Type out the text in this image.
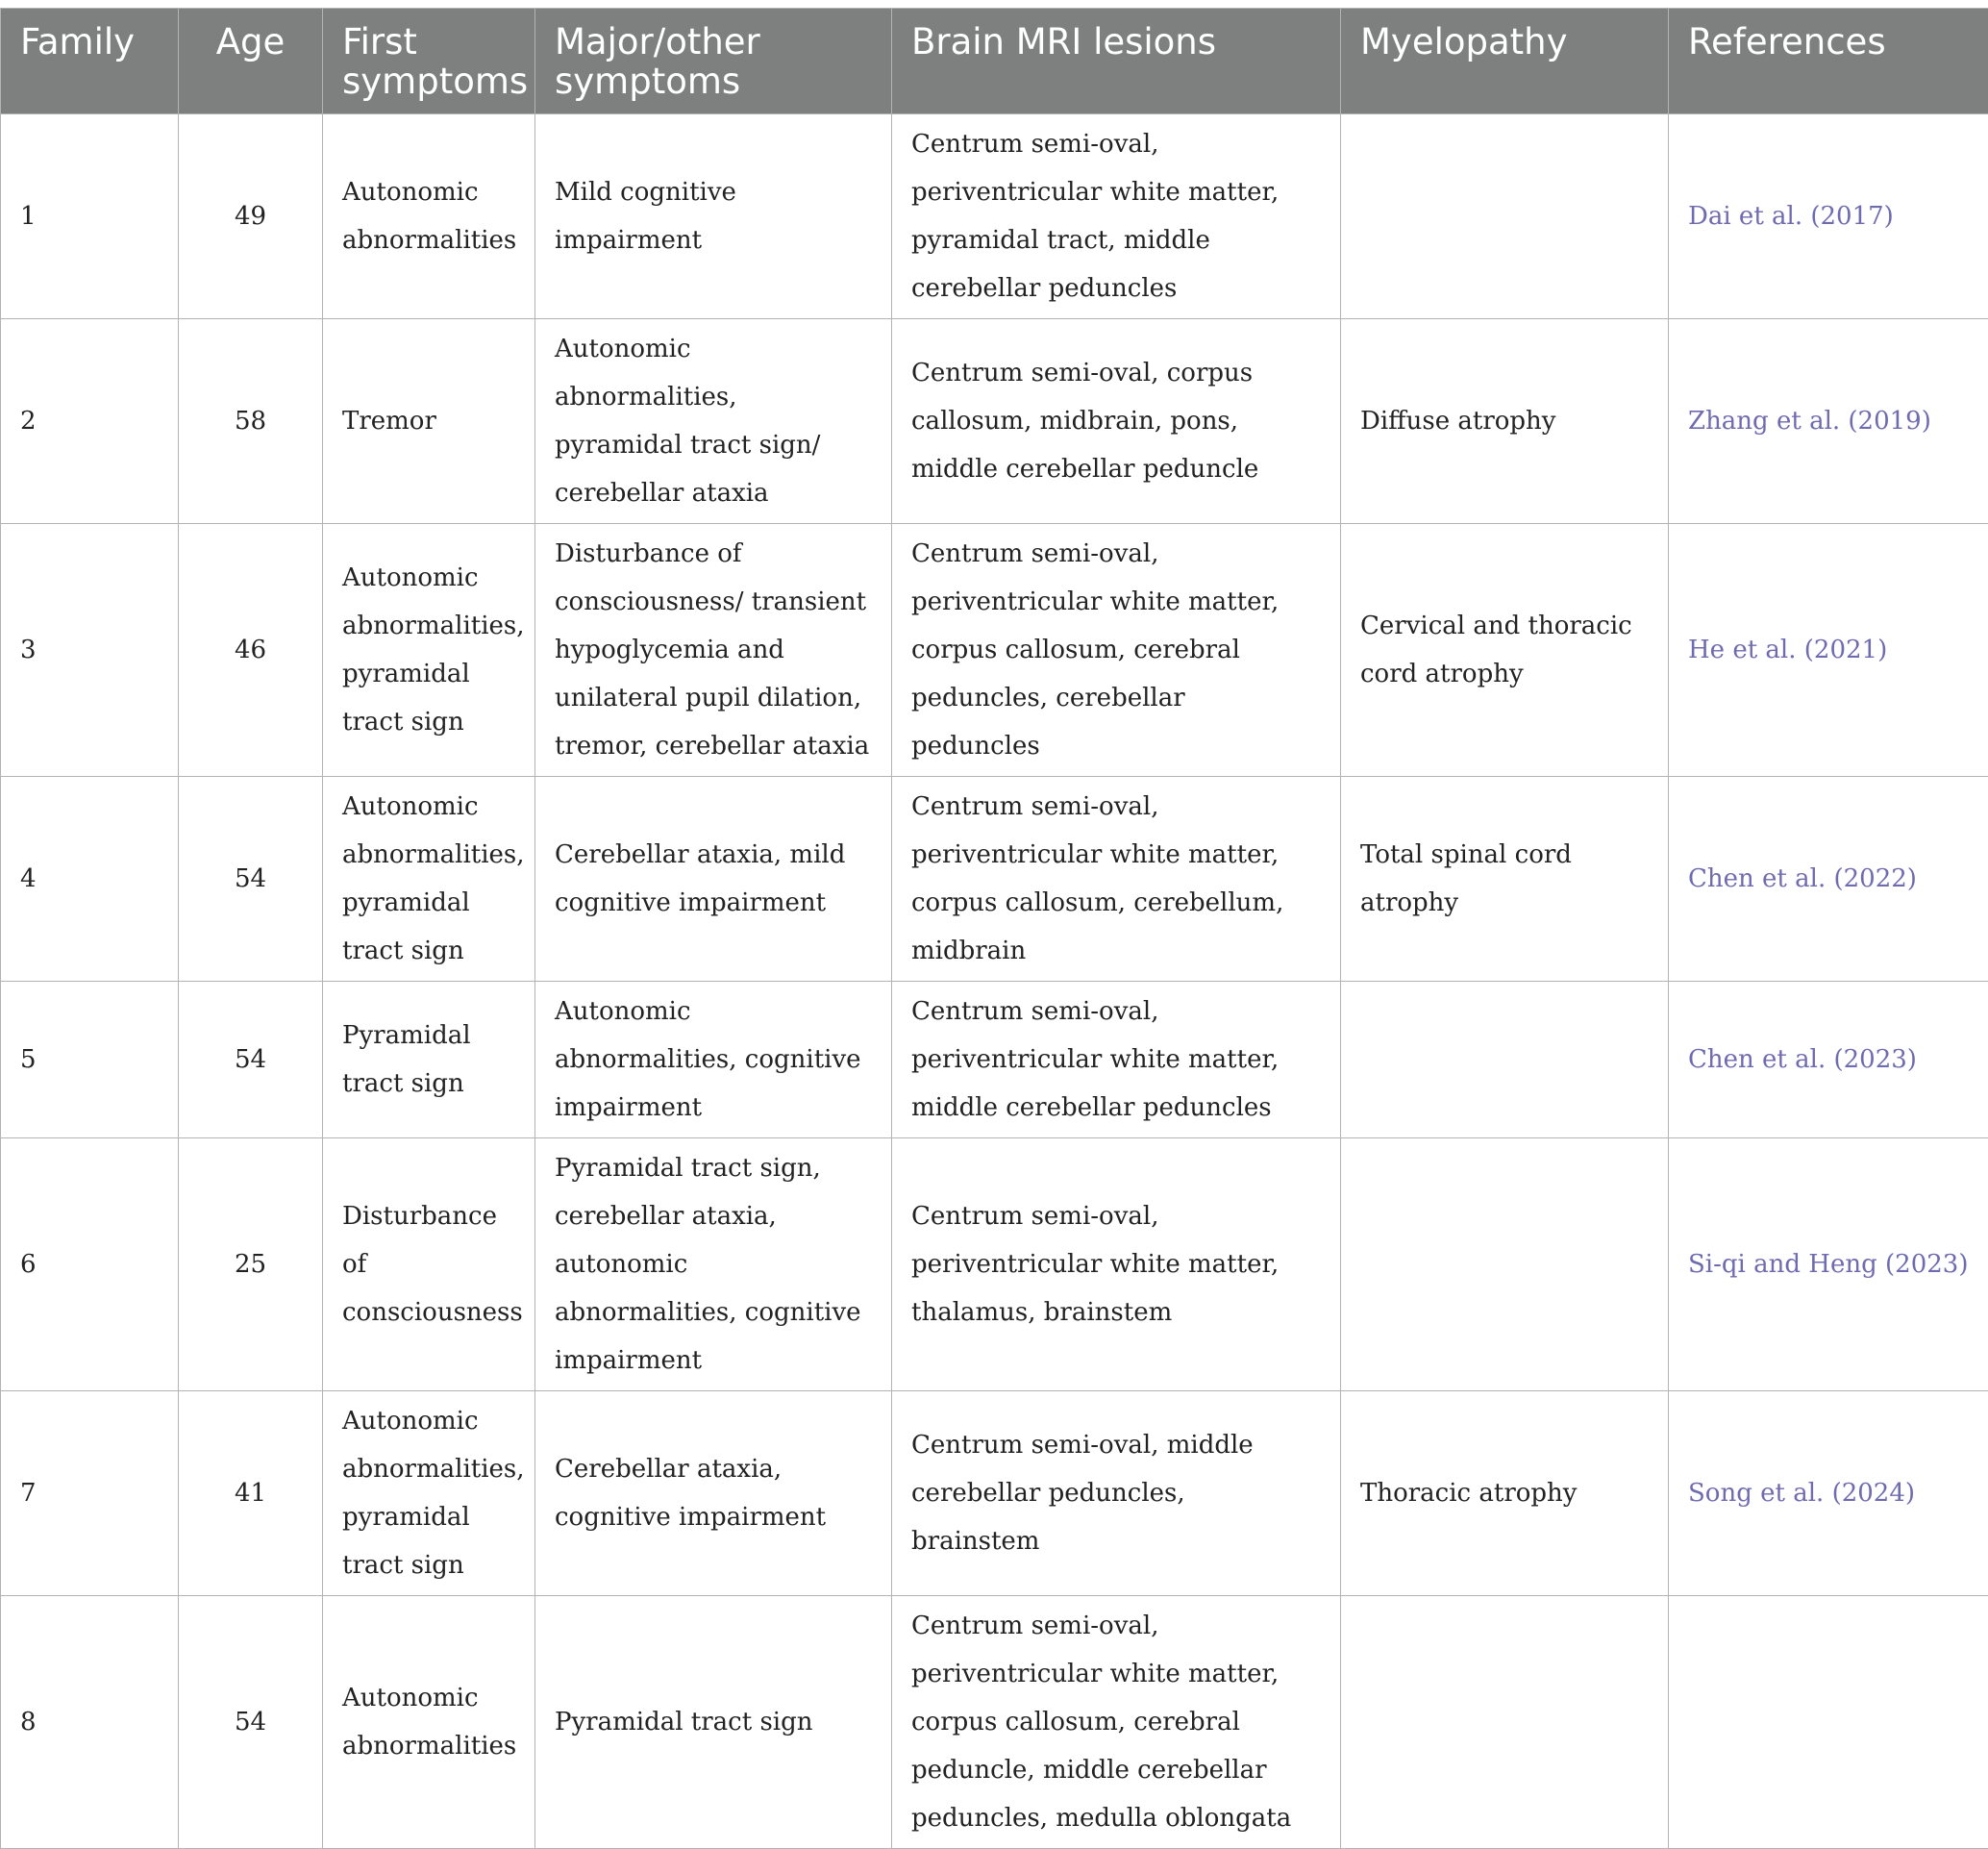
Family	Age	First symptoms	Major/other symptoms	Brain MRI lesions	Myelopathy	References
1	49	Autonomic abnormalities	Mild cognitive impairment	Centrum semi-oval, periventricular white matter, pyramidal tract, middle cerebellar peduncles		Dai et al. (2017)
2	58	Tremor	Autonomic abnormalities, pyramidal tract sign/ cerebellar ataxia	Centrum semi-oval, corpus callosum, midbrain, pons, middle cerebellar peduncle	Diffuse atrophy	Zhang et al. (2019)
3	46	Autonomic abnormalities, pyramidal tract sign	Disturbance of consciousness/ transient hypoglycemia and unilateral pupil dilation, tremor, cerebellar ataxia	Centrum semi-oval, periventricular white matter, corpus callosum, cerebral peduncles, cerebellar peduncles	Cervical and thoracic cord atrophy	He et al. (2021)
4	54	Autonomic abnormalities, pyramidal tract sign	Cerebellar ataxia, mild cognitive impairment	Centrum semi-oval, periventricular white matter, corpus callosum, cerebellum, midbrain	Total spinal cord atrophy	Chen et al. (2022)
5	54	Pyramidal tract sign	Autonomic abnormalities, cognitive impairment	Centrum semi-oval, periventricular white matter, middle cerebellar peduncles		Chen et al. (2023)
6	25	Disturbance of consciousness	Pyramidal tract sign, cerebellar ataxia, autonomic abnormalities, cognitive impairment	Centrum semi-oval, periventricular white matter, thalamus, brainstem		Si-qi and Heng (2023)
7	41	Autonomic abnormalities, pyramidal tract sign	Cerebellar ataxia, cognitive impairment	Centrum semi-oval, middle cerebellar peduncles, brainstem	Thoracic atrophy	Song et al. (2024)
8	54	Autonomic abnormalities	Pyramidal tract sign	Centrum semi-oval, periventricular white matter, corpus callosum, cerebral peduncle, middle cerebellar peduncles, medulla oblongata		
